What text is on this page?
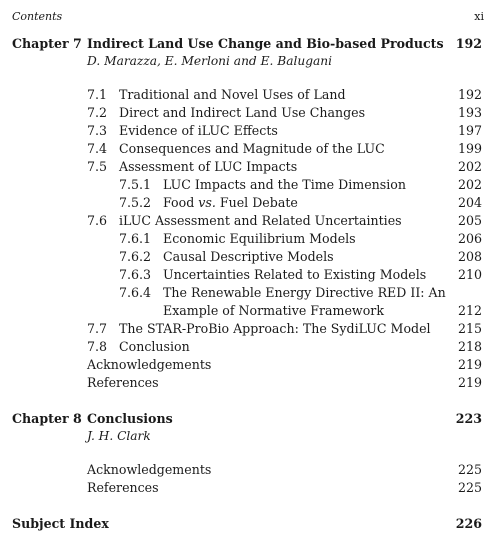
Contents	xi
Chapter 7 Indirect Land Use Change and Bio-based Products 192
D. Marazza, E. Merloni and E. Balugani
7.1 Traditional and Novel Uses of Land	192
7.2 Direct and Indirect Land Use Changes	193
7.3 Evidence of iLUC Effects	197
7.4 Consequences and Magnitude of the LUC	199
7.5 Assessment of LUC Impacts	202
7.5.1 LUC Impacts and the Time Dimension	202
7.5.2 Food vs. Fuel Debate	204
7.6 iLUC Assessment and Related Uncertainties	205
7.6.1 Economic Equilibrium Models	206
7.6.2 Causal Descriptive Models	208
7.6.3 Uncertainties Related to Existing Models	210
7.6.4 The Renewable Energy Directive RED II: An
Example of Normative Framework	212
7.7 The STAR-ProBio Approach: The SydiLUC Model 215
7.8 Conclusion	218
Acknowledgements	219
References	219
Chapter 8 Conclusions	223
J. H. Clark
Acknowledgements	225
References	225
Subject Index	226
